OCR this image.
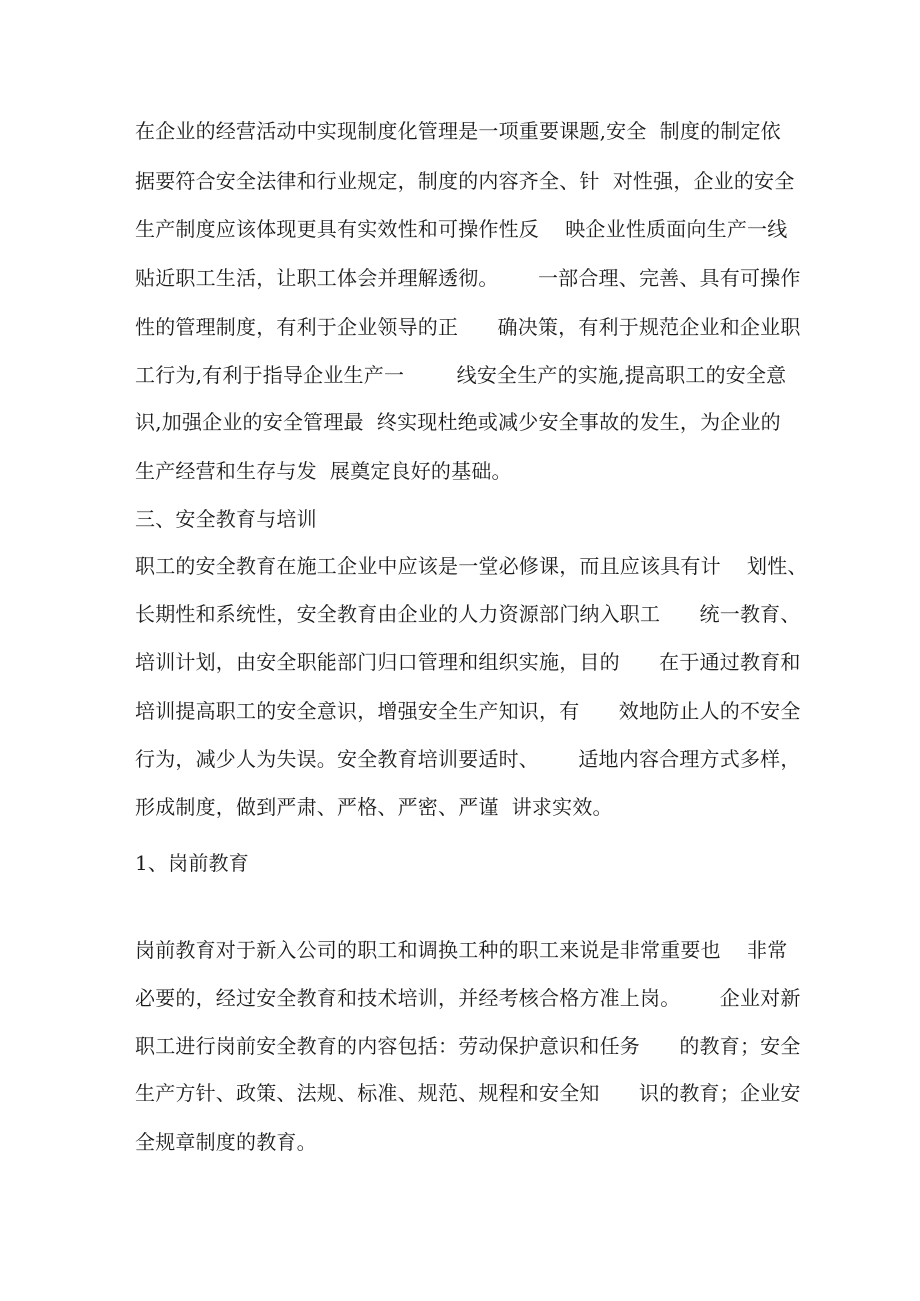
在企业的经营活动中实现制度化管理是一项重要课题,安全  制度的制定依
据要符合安全法律和行业规定，制度的内容齐全、针  对性强，企业的安全
生产制度应该体现更具有实效性和可操作性反    映企业性质面向生产一线
贴近职工生活，让职工体会并理解透彻。      一部合理、完善、具有可操作
性的管理制度，有利于企业领导的正      确决策，有利于规范企业和企业职
工行为,有利于指导企业生产一        线安全生产的实施,提高职工的安全意
识,加强企业的安全管理最  终实现杜绝或减少安全事故的发生，为企业的
生产经营和生存与发  展奠定良好的基础。
三、安全教育与培训
职工的安全教育在施工企业中应该是一堂必修课，而且应该具有计    划性、
长期性和系统性，安全教育由企业的人力资源部门纳入职工      统一教育、
培训计划，由安全职能部门归口管理和组织实施，目的      在于通过教育和
培训提高职工的安全意识，增强安全生产知识，有      效地防止人的不安全
行为，减少人为失误。安全教育培训要适时、      适地内容合理方式多样，
形成制度，做到严肃、严格、严密、严谨  讲求实效。
1、岗前教育
岗前教育对于新入公司的职工和调换工种的职工来说是非常重要也    非常
必要的，经过安全教育和技术培训，并经考核合格方准上岗。      企业对新
职工进行岗前安全教育的内容包括：劳动保护意识和任务      的教育；安全
生产方针、政策、法规、标准、规范、规程和安全知      识的教育；企业安
全规章制度的教育。
